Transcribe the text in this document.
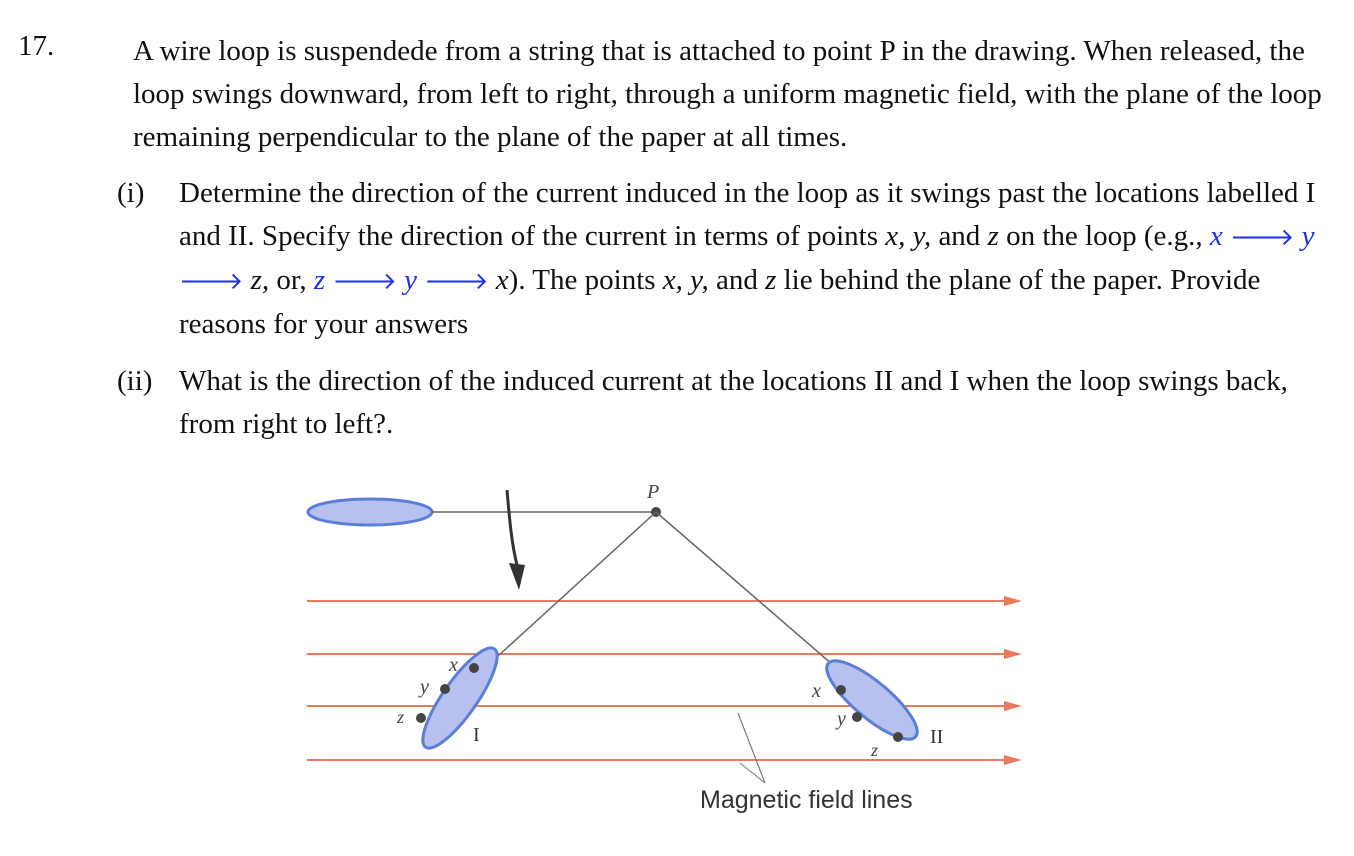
17.	A wire loop is suspendede from a string that is attached to point P in the drawing. When released, the loop swings downward, from left to right, through a uniform magnetic field, with the plane of the loop remaining perpendicular to the plane of the paper at all times.
(i) Determine the direction of the current induced in the loop as it swings past the locations labelled I and II. Specify the direction of the current in terms of points x, y, and z on the loop (e.g., x 🡒 y 🡒 z, or, z 🡒 y 🡒 x). The points x, y, and z lie behind the plane of the paper. Provide reasons for your answers
(ii) What is the direction of the induced current at the locations II and I when the loop swings back, from right to left?.
P
x
y
z
I
x
y
z
II
Magnetic field lines
